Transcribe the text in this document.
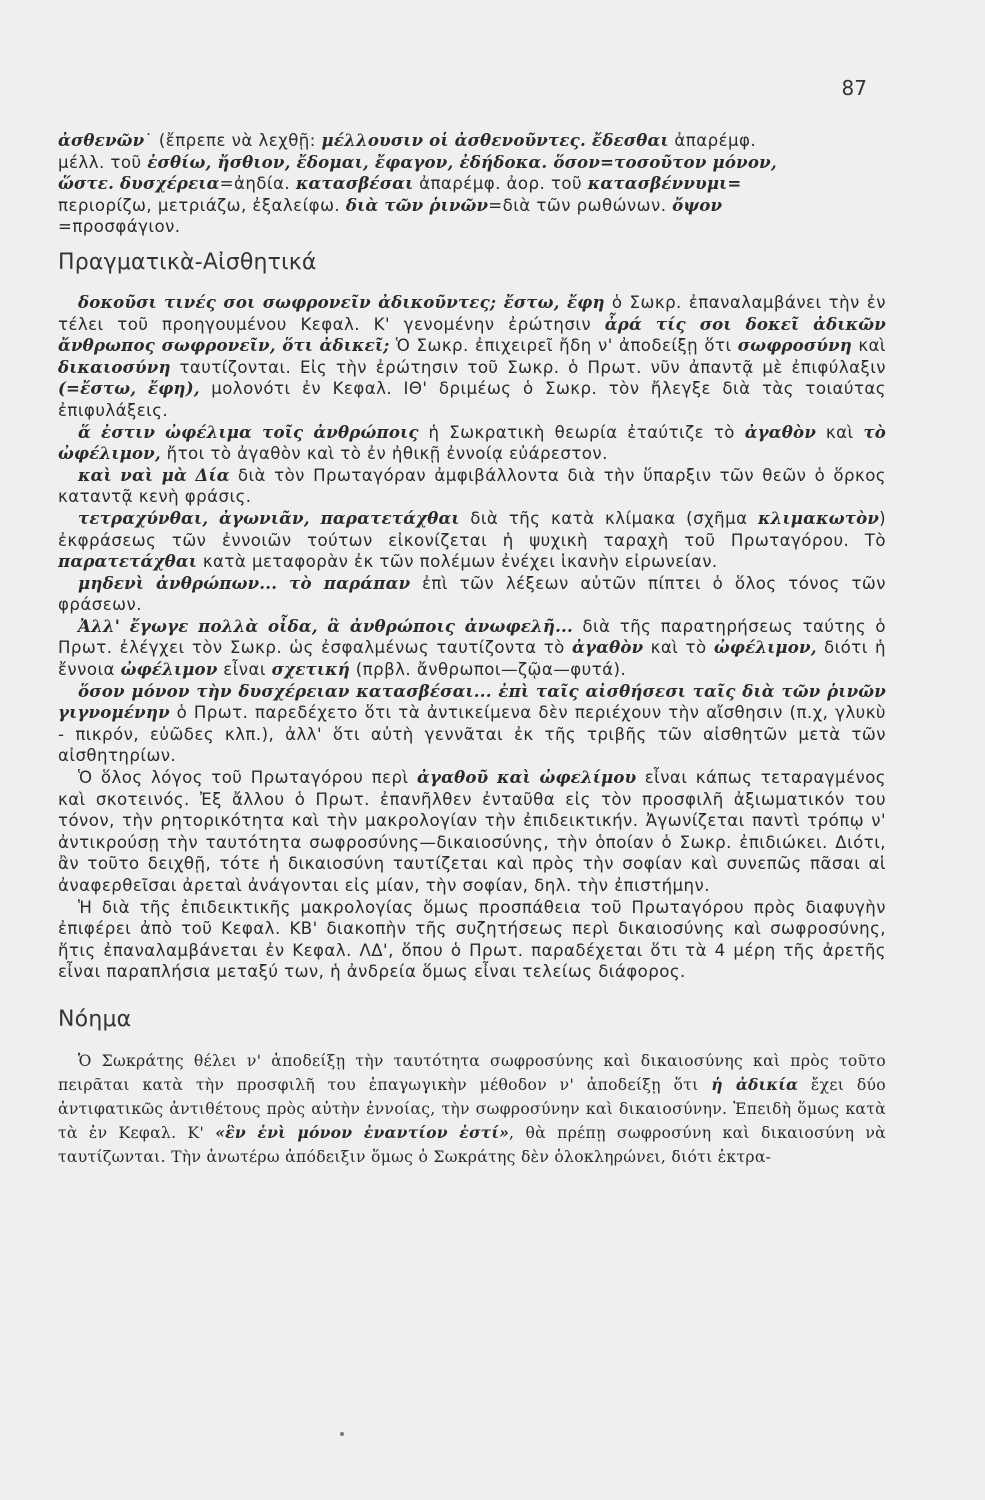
87

ἀσθενῶν˙ (ἔπρεπε νὰ λεχθῇ: μέλλουσιν οἱ ἀσθενοῦντες. ἔδεσθαι ἀπαρέμφ.

μέλλ. τοῦ ἐσθίω, ἤσθιον, ἔδομαι, ἔφαγον, ἐδήδοκα. ὅσον=τοσοῦτον μόνον,

ὥστε. δυσχέρεια=ἀηδία. κατασβέσαι ἀπαρέμφ. ἀορ. τοῦ κατασβέννυμι=

περιορίζω, μετριάζω, ἐξαλείφω. διὰ τῶν ῥινῶν=διὰ τῶν ρωθώνων. ὄψον

=προσφάγιον.

Πραγματικὰ-Αἰσθητικά

δοκοῦσι τινές σοι σωφρονεῖν ἀδικοῦντες; ἔστω, ἔφη ὁ Σωκρ. ἐπαναλαμβάνει τὴν ἐν τέλει τοῦ προηγουμένου Κεφαλ. Κ' γενομένην ἐρώτησιν ἆρά τίς σοι δοκεῖ ἀδικῶν ἄνθρωπος σωφρονεῖν, ὅτι ἀδικεῖ; Ὁ Σωκρ. ἐπιχειρεῖ ἤδη ν' ἀποδείξῃ ὅτι σωφροσύνη καὶ δικαιοσύνη ταυτίζονται. Εἰς τὴν ἐρώτησιν τοῦ Σωκρ. ὁ Πρωτ. νῦν ἀπαντᾷ μὲ ἐπιφύλαξιν (=ἔστω, ἔφη), μολονότι ἐν Κεφαλ. ΙΘ' δριμέως ὁ Σωκρ. τὸν ἤλεγξε διὰ τὰς τοιαύτας ἐπιφυλάξεις.

ἅ ἐστιν ὠφέλιμα τοῖς ἀνθρώποις ἡ Σωκρατικὴ θεωρία ἐταύτιζε τὸ ἀγαθὸν καὶ τὸ ὠφέλιμον, ἤτοι τὸ ἀγαθὸν καὶ τὸ ἐν ἠθικῇ ἐννοίᾳ εὐάρεστον.

καὶ ναὶ μὰ Δία διὰ τὸν Πρωταγόραν ἀμφιβάλλοντα διὰ τὴν ὕπαρξιν τῶν θεῶν ὁ ὅρκος καταντᾷ κενὴ φράσις.

τετραχύνθαι, ἀγωνιᾶν, παρατετάχθαι διὰ τῆς κατὰ κλίμακα (σχῆμα κλιμακωτὸν) ἐκφράσεως τῶν ἐννοιῶν τούτων εἰκονίζεται ἡ ψυχικὴ ταραχὴ τοῦ Πρωταγόρου. Τὸ παρατετάχθαι κατὰ μεταφορὰν ἐκ τῶν πολέμων ἐνέχει ἱκανὴν εἰρωνείαν.

μηδενὶ ἀνθρώπων... τὸ παράπαν ἐπὶ τῶν λέξεων αὐτῶν πίπτει ὁ ὅλος τόνος τῶν φράσεων.

Ἀλλ' ἔγωγε πολλὰ οἶδα, ἃ ἀνθρώποις ἀνωφελῆ... διὰ τῆς παρατηρήσεως ταύτης ὁ Πρωτ. ἐλέγχει τὸν Σωκρ. ὡς ἐσφαλμένως ταυτίζοντα τὸ ἀγαθὸν καὶ τὸ ὠφέλιμον, διότι ἡ ἔννοια ὠφέλιμον εἶναι σχετική (πρβλ. ἄνθρωποι—ζῷα—φυτά).

ὅσον μόνον τὴν δυσχέρειαν κατασβέσαι... ἐπὶ ταῖς αἰσθήσεσι ταῖς διὰ τῶν ῥινῶν γιγνομένην ὁ Πρωτ. παρεδέχετο ὅτι τὰ ἀντικείμενα δὲν περιέχουν τὴν αἴσθησιν (π.χ, γλυκὺ - πικρόν, εὐῶδες κλπ.), ἀλλ' ὅτι αὐτὴ γεννᾶται ἐκ τῆς τριβῆς τῶν αἰσθητῶν μετὰ τῶν αἰσθητηρίων.

Ὁ ὅλος λόγος τοῦ Πρωταγόρου περὶ ἀγαθοῦ καὶ ὠφελίμου εἶναι κάπως τεταραγμένος καὶ σκοτεινός. Ἐξ ἄλλου ὁ Πρωτ. ἐπανῆλθεν ἐνταῦθα εἰς τὸν προσφιλῆ ἀξιωματικόν του τόνον, τὴν ρητορικότητα καὶ τὴν μακρολογίαν τὴν ἐπιδεικτικήν. Ἀγωνίζεται παντὶ τρόπῳ ν' ἀντικρούσῃ τὴν ταυτότητα σωφροσύνης—δικαιοσύνης, τὴν ὁποίαν ὁ Σωκρ. ἐπιδιώκει. Διότι, ἂν τοῦτο δειχθῇ, τότε ἡ δικαιοσύνη ταυτίζεται καὶ πρὸς τὴν σοφίαν καὶ συνεπῶς πᾶσαι αἱ ἀναφερθεῖσαι ἀρεταὶ ἀνάγονται εἰς μίαν, τὴν σοφίαν, δηλ. τὴν ἐπιστήμην.

Ἡ διὰ τῆς ἐπιδεικτικῆς μακρολογίας ὅμως προσπάθεια τοῦ Πρωταγόρου πρὸς διαφυγὴν ἐπιφέρει ἀπὸ τοῦ Κεφαλ. ΚΒ' διακοπὴν τῆς συζητήσεως περὶ δικαιοσύνης καὶ σωφροσύνης, ἥτις ἐπαναλαμβάνεται ἐν Κεφαλ. ΛΔ', ὅπου ὁ Πρωτ. παραδέχεται ὅτι τὰ 4 μέρη τῆς ἀρετῆς εἶναι παραπλήσια μεταξύ των, ἡ ἀνδρεία ὅμως εἶναι τελείως διάφορος.

Νόημα

Ὁ Σωκράτης θέλει ν' ἀποδείξῃ τὴν ταυτότητα σωφροσύνης καὶ δικαιοσύνης καὶ πρὸς τοῦτο πειρᾶται κατὰ τὴν προσφιλῆ του ἐπαγωγικὴν μέθοδον ν' ἀποδείξῃ ὅτι ἡ ἀδικία ἔχει δύο ἀντιφατικῶς ἀντιθέτους πρὸς αὐτὴν ἐννοίας, τὴν σωφροσύνην καὶ δικαιοσύνην. Ἐπειδὴ ὅμως κατὰ τὰ ἐν Κεφαλ. Κ' «ἓν ἑνὶ μόνον ἐναντίον ἐστί», θὰ πρέπῃ σωφροσύνη καὶ δικαιοσύνη νὰ ταυτίζωνται. Τὴν ἀνωτέρω ἀπόδειξιν ὅμως ὁ Σωκράτης δὲν ὁλοκληρώνει, διότι ἐκτρα-
